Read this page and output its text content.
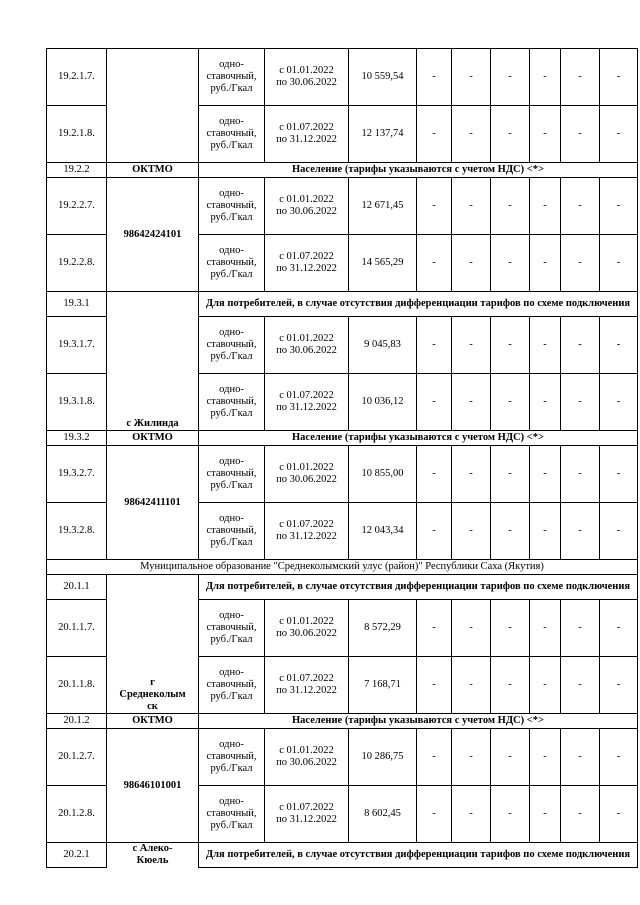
19.2.1.7.		одно-
ставочный,
руб./Гкал	с 01.01.2022
по 30.06.2022	10 559,54	-	-	-	-	-	-
19.2.1.8.		одно-
ставочный,
руб./Гкал	с 01.07.2022
по 31.12.2022	12 137,74	-	-	-	-	-	-
19.2.2	ОКТМО	Население (тарифы указываются с учетом НДС) <*>								
19.2.2.7.	98642424101	одно-
ставочный,
руб./Гкал	с 01.01.2022
по 30.06.2022	12 671,45	-	-	-	-	-	-
19.2.2.8.		одно-
ставочный,
руб./Гкал	с 01.07.2022
по 31.12.2022	14 565,29	-	-	-	-	-	-
19.3.1	с Жилинда	Для потребителей, в случае отсутствия дифференциации тарифов по схеме подключения								
19.3.1.7.		одно-
ставочный,
руб./Гкал	с 01.01.2022
по 30.06.2022	9 045,83	-	-	-	-	-	-
19.3.1.8.		одно-
ставочный,
руб./Гкал	с 01.07.2022
по 31.12.2022	10 036,12	-	-	-	-	-	-
19.3.2	ОКТМО	Население (тарифы указываются с учетом НДС) <*>								
19.3.2.7.	98642411101	одно-
ставочный,
руб./Гкал	с 01.01.2022
по 30.06.2022	10 855,00	-	-	-	-	-	-
19.3.2.8.		одно-
ставочный,
руб./Гкал	с 01.07.2022
по 31.12.2022	12 043,34	-	-	-	-	-	-
Муниципальное образование "Среднеколымский улус (район)" Республики Саха (Якутия)										
20.1.1	г
Среднеколым
ск	Для потребителей, в случае отсутствия дифференциации тарифов по схеме подключения								
20.1.1.7.		одно-
ставочный,
руб./Гкал	с 01.01.2022
по 30.06.2022	8 572,29	-	-	-	-	-	-
20.1.1.8.		одно-
ставочный,
руб./Гкал	с 01.07.2022
по 31.12.2022	7 168,71	-	-	-	-	-	-
20.1.2	ОКТМО	Население (тарифы указываются с учетом НДС) <*>								
20.1.2.7.	98646101001	одно-
ставочный,
руб./Гкал	с 01.01.2022
по 30.06.2022	10 286,75	-	-	-	-	-	-
20.1.2.8.		одно-
ставочный,
руб./Гкал	с 01.07.2022
по 31.12.2022	8 602,45	-	-	-	-	-	-
20.2.1	с Алеко-
Кюель	Для потребителей, в случае отсутствия дифференциации тарифов по схеме подключения								
